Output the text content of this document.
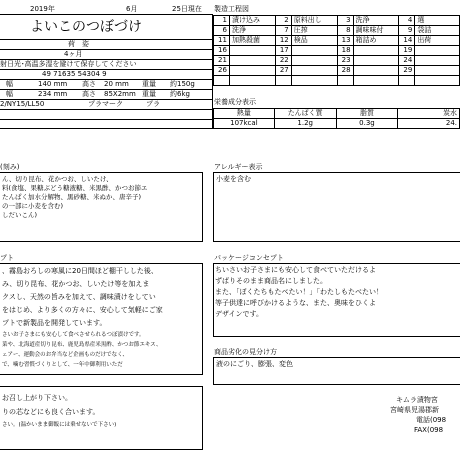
2019年	6月	25日現在 製造工程図
よいこのつぼづけ
荷　姿
4ヶ月
射日光･高温多湿を避けて保存してください
49 71635 54304 9
幅	140 mm 高さ 20 mm 重量 約150g
幅	234 mm 高さ 85X2mm 重量 約6kg
2/NY15/LL50	プラマーク	プラ
1	漬け込み	2	原料出し	3	洗浄	4	選
6	洗浄	7	圧搾	8	調味味付	9	袋詰
11	加熱殺菌	12	検品	13	箱詰め	14	出荷
16		17		18		19	
21		22		23		24	
26		27		28		29	

栄養成分表示
熱量	たんぱく質	脂質	炭水
107kcal	1.2g	0.3g	24.
(刻み)
ん、切り昆布、花かつお、しいたけ、
料(食塩、果糖ぶどう糖液糖、米黒酢、かつお節エ
たんぱく加水分解物、黒砂糖、米ぬか、唐辛子)
の一部に小麦を含む)
しだいこん)
アレルギー表示
小麦を含む
プト
、霧島おろしの寒風に20日間ほど棚干しした後、
み、切り昆布、花かつお、しいたけ等を加えま
クスし、天然の旨みを加えて、調味漬けをしてい
をはじめ、より多くの方々に、安心して気軽にご家
プトで新製品を開発しています。
さいお子さまにも安心して食べさせられるつぼ漬けです。
菜や、北海道産切り昆布、鹿児島県産米黒酢、かつお節エキス、
ェアー、運動会のお弁当など企画ものだけでなく、
で、噛む習慣づくりとして、一年中御利用いただ
パッケージコンセプト
ちいさいお子さまにも安心して食べていただけるよ
ずばりそのまま商品名にしました。
また、「ぼくたちもたべたい！」「わたしもたべたい！
等子供達に呼びかけるような、また、奥味をひくよ
デザインです。
商品劣化の見分け方
液のにごり、膨張、変色
お召し上がり下さい。
りの芯などにも良く合います。
さい。(温かいまま御飯には乗せないで下さい)
キムラ漬物宮
宮崎県児湯郡新
電話(098
FAX(098
